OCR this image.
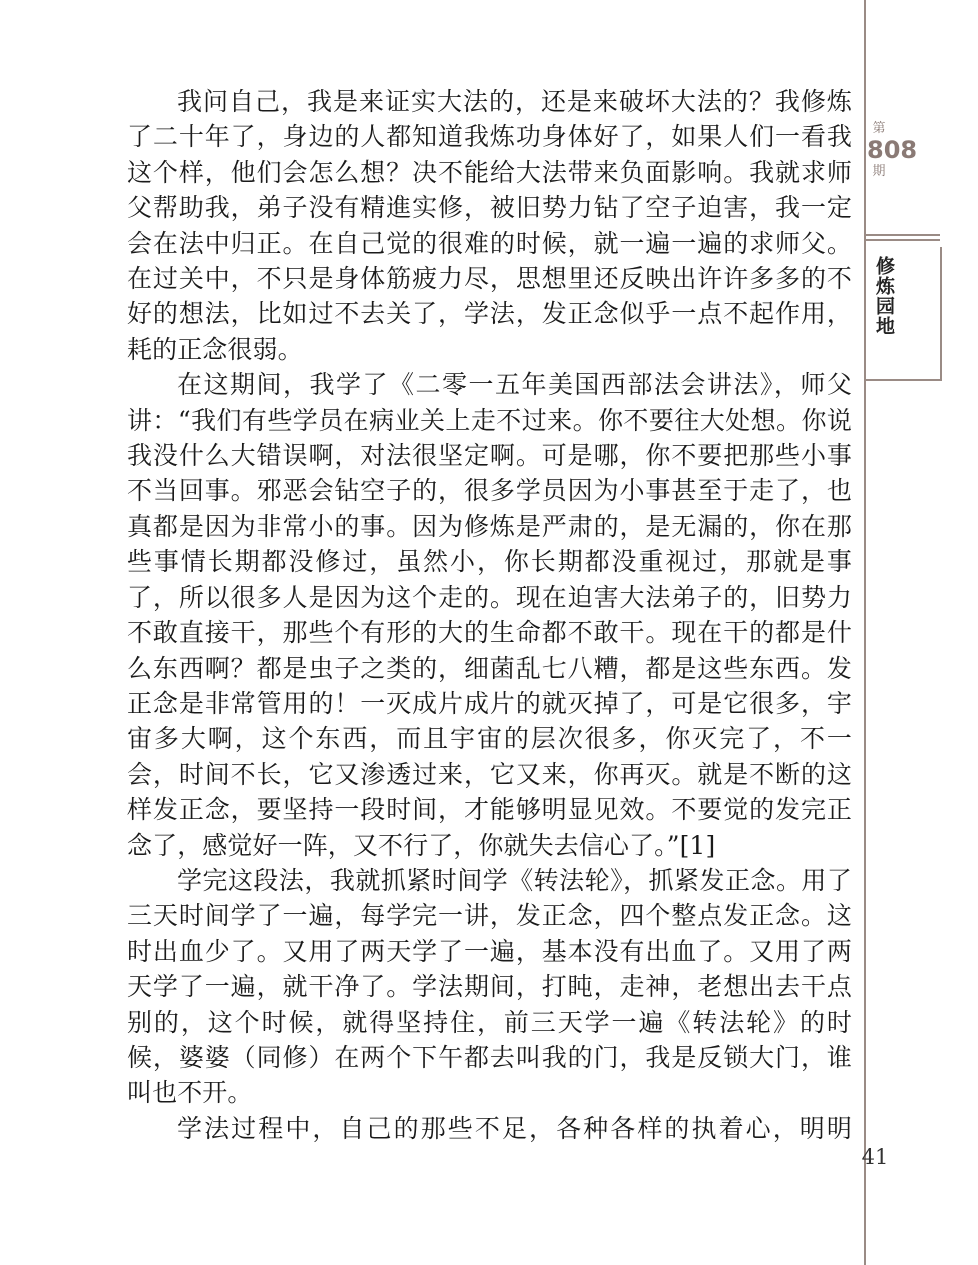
我问自己，我是来证实大法的，还是来破坏大法的？我修炼了二十年了，身边的人都知道我炼功身体好了，如果人们一看我这个样，他们会怎么想？决不能给大法带来负面影响。我就求师父帮助我，弟子没有精進实修，被旧势力钻了空子迫害，我一定会在法中归正。在自己觉的很难的时候，就一遍一遍的求师父。在过关中，不只是身体筋疲力尽，思想里还反映出许许多多的不好的想法，比如过不去关了，学法，发正念似乎一点不起作用，耗的正念很弱。

在这期间，我学了《二零一五年美国西部法会讲法》，师父讲：“我们有些学员在病业关上走不过来。你不要往大处想。你说我没什么大错误啊，对法很坚定啊。可是哪，你不要把那些小事不当回事。邪恶会钻空子的，很多学员因为小事甚至于走了，也真都是因为非常小的事。因为修炼是严肃的，是无漏的，你在那些事情长期都没修过，虽然小，你长期都没重视过，那就是事了，所以很多人是因为这个走的。现在迫害大法弟子的，旧势力不敢直接干，那些个有形的大的生命都不敢干。现在干的都是什么东西啊？都是虫子之类的，细菌乱七八糟，都是这些东西。发正念是非常管用的！一灭成片成片的就灭掉了，可是它很多，宇宙多大啊，这个东西，而且宇宙的层次很多，你灭完了，不一会，时间不长，它又渗透过来，它又来，你再灭。就是不断的这样发正念，要坚持一段时间，才能够明显见效。不要觉的发完正念了，感觉好一阵，又不行了，你就失去信心了。”[1]

学完这段法，我就抓紧时间学《转法轮》，抓紧发正念。用了三天时间学了一遍，每学完一讲，发正念，四个整点发正念。这时出血少了。又用了两天学了一遍，基本没有出血了。又用了两天学了一遍，就干净了。学法期间，打盹，走神，老想出去干点别的，这个时候，就得坚持住，前三天学一遍《转法轮》的时候，婆婆（同修）在两个下午都去叫我的门，我是反锁大门，谁叫也不开。

学法过程中，自己的那些不足，各种各样的执着心，明明

第
808
期
修炼园地
41
